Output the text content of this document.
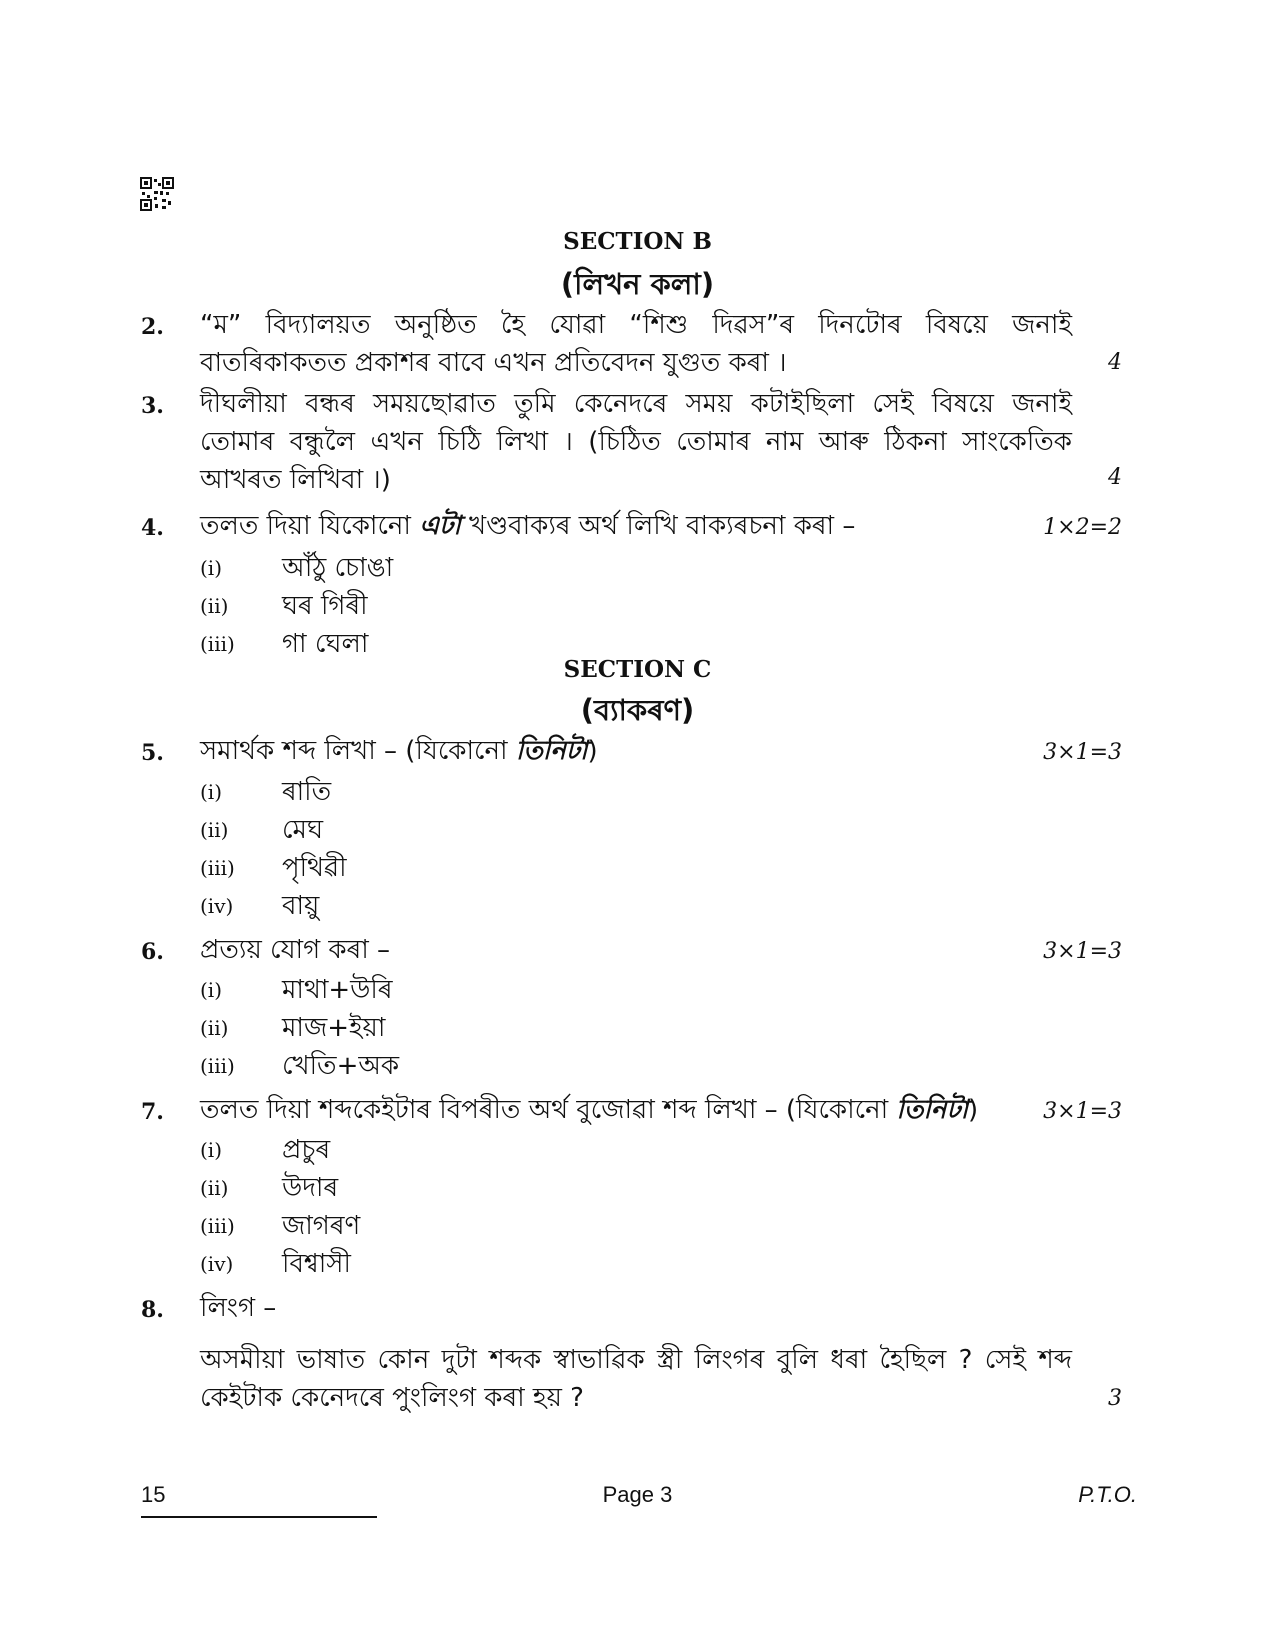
SECTION B
(লিখন কলা)
2. “ম” বিদ্যালয়ত অনুষ্ঠিত হৈ যোৱা “শিশু দিৱস”ৰ দিনটোৰ বিষয়ে জনাই
বাতৰিকাকতত প্ৰকাশৰ বাবে এখন প্ৰতিবেদন যুগুত কৰা ।	4
3. দীঘলীয়া বন্ধৰ সময়ছোৱাত তুমি কেনেদৰে সময় কটাইছিলা সেই বিষয়ে জনাই
তোমাৰ বন্ধুলৈ এখন চিঠি লিখা । (চিঠিত তোমাৰ নাম আৰু ঠিকনা সাংকেতিক
আখৰত লিখিবা ।)	4
4. তলত দিয়া যিকোনো এটা খণ্ডবাক্যৰ অৰ্থ লিখি বাক্যৰচনা কৰা –	1×2=2
(i) আঁঠু চোঙা
(ii) ঘৰ গিৰী
(iii) গা ঘেলা
SECTION C
(ব্যাকৰণ)
5. সমাৰ্থক শব্দ লিখা – (যিকোনো তিনিটা)	3×1=3
(i) ৰাতি
(ii) মেঘ
(iii) পৃথিৱী
(iv) বায়ু
6. প্ৰত্যয় যোগ কৰা –	3×1=3
(i) মাথা+উৰি
(ii) মাজ+ইয়া
(iii) খেতি+অক
7. তলত দিয়া শব্দকেইটাৰ বিপৰীত অৰ্থ বুজোৱা শব্দ লিখা – (যিকোনো তিনিটা)	3×1=3
(i) প্ৰচুৰ
(ii) উদাৰ
(iii) জাগৰণ
(iv) বিশ্বাসী
8. লিংগ –
অসমীয়া ভাষাত কোন দুটা শব্দক স্বাভাৱিক স্ত্ৰী লিংগৰ বুলি ধৰা হৈছিল ? সেই শব্দ
কেইটাক কেনেদৰে পুংলিংগ কৰা হয় ?	3
15	Page 3	P.T.O.
